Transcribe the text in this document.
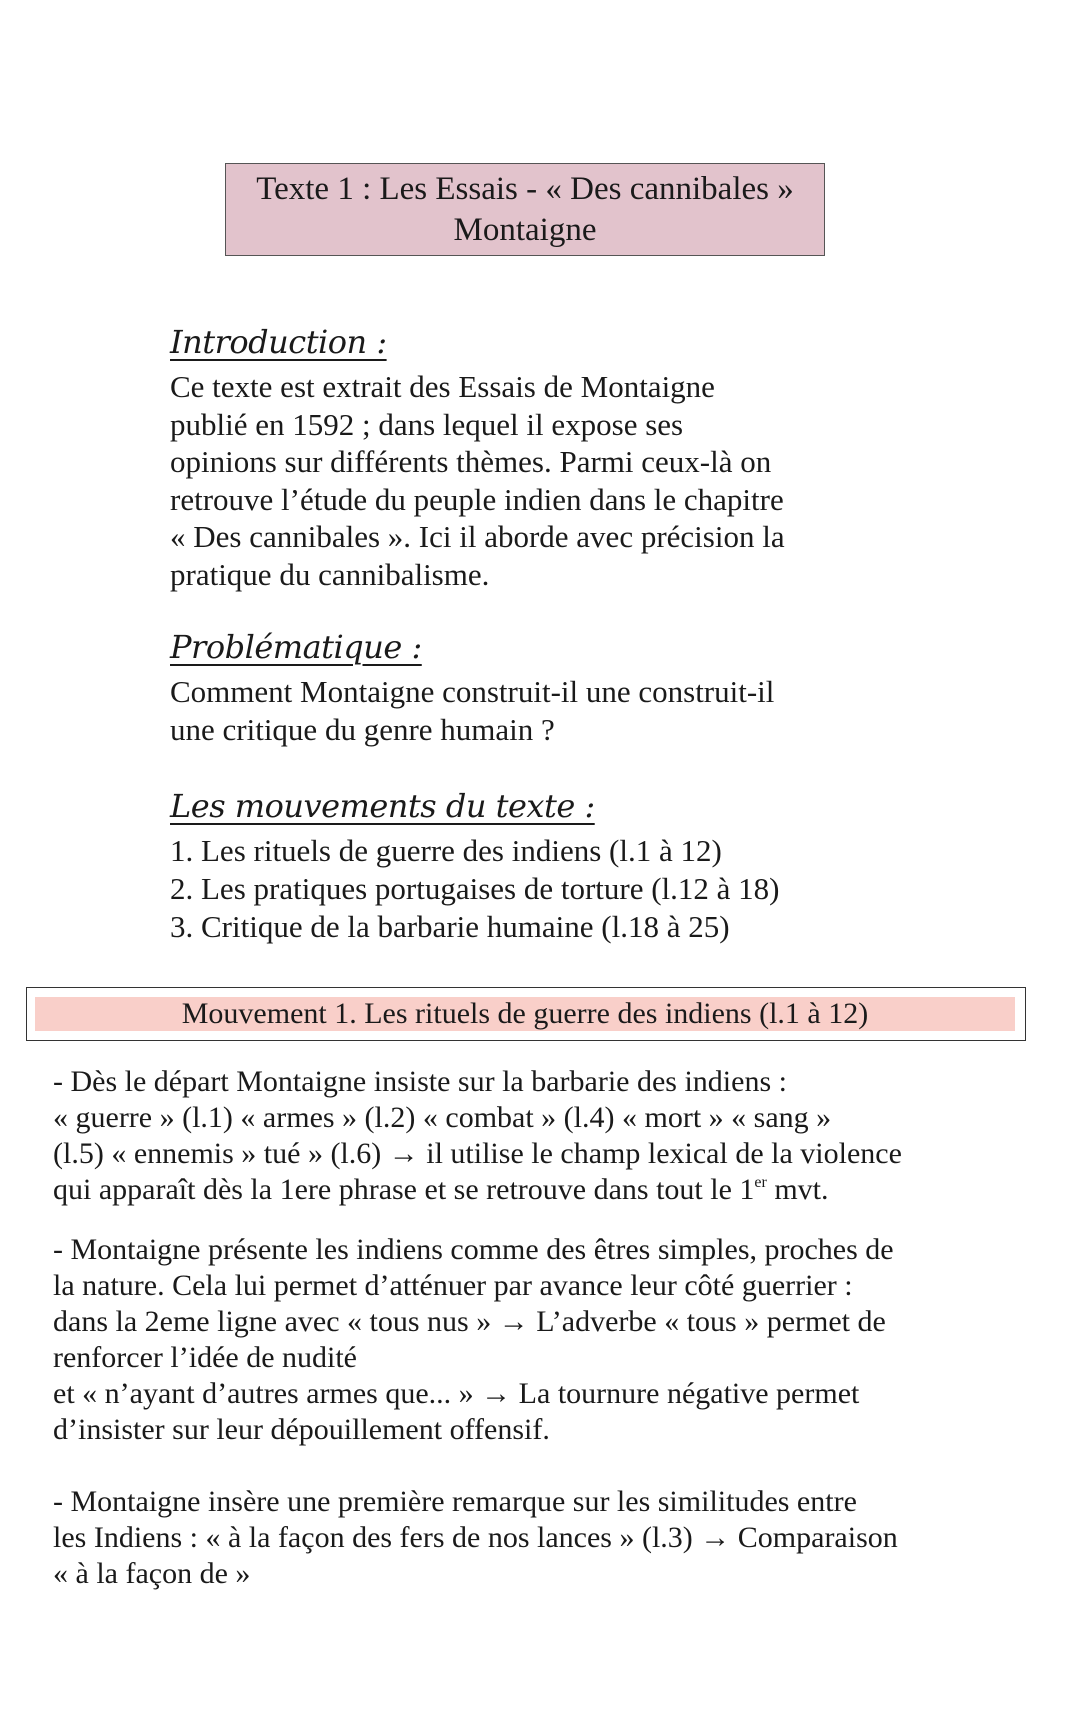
Texte 1 : Les Essais - « Des cannibales »
Montaigne
Introduction :

Ce texte est extrait des Essais de Montaigne
publié en 1592 ; dans lequel il expose ses
opinions sur différents thèmes. Parmi ceux-là on
retrouve l’étude du peuple indien dans le chapitre
« Des cannibales ». Ici il aborde avec précision la
pratique du cannibalisme.

Problématique :

Comment Montaigne construit-il une construit-il
une critique du genre humain ?

Les mouvements du texte :
1. Les rituels de guerre des indiens (l.1 à 12)
2. Les pratiques portugaises de torture (l.12 à 18)
3. Critique de la barbarie humaine (l.18 à 25)
Mouvement 1. Les rituels de guerre des indiens (l.1 à 12)

- Dès le départ Montaigne insiste sur la barbarie des indiens :
« guerre » (l.1) « armes » (l.2) « combat » (l.4) « mort » « sang »
(l.5) « ennemis » tué » (l.6) → il utilise le champ lexical de la violence
qui apparaît dès la 1ere phrase et se retrouve dans tout le 1er mvt.

- Montaigne présente les indiens comme des êtres simples, proches de
la nature. Cela lui permet d’atténuer par avance leur côté guerrier :
dans la 2eme ligne avec « tous nus » → L’adverbe « tous » permet de
renforcer l’idée de nudité
et « n’ayant d’autres armes que... » → La tournure négative permet
d’insister sur leur dépouillement offensif.

- Montaigne insère une première remarque sur les similitudes entre
les Indiens : « à la façon des fers de nos lances » (l.3) → Comparaison
« à la façon de »
